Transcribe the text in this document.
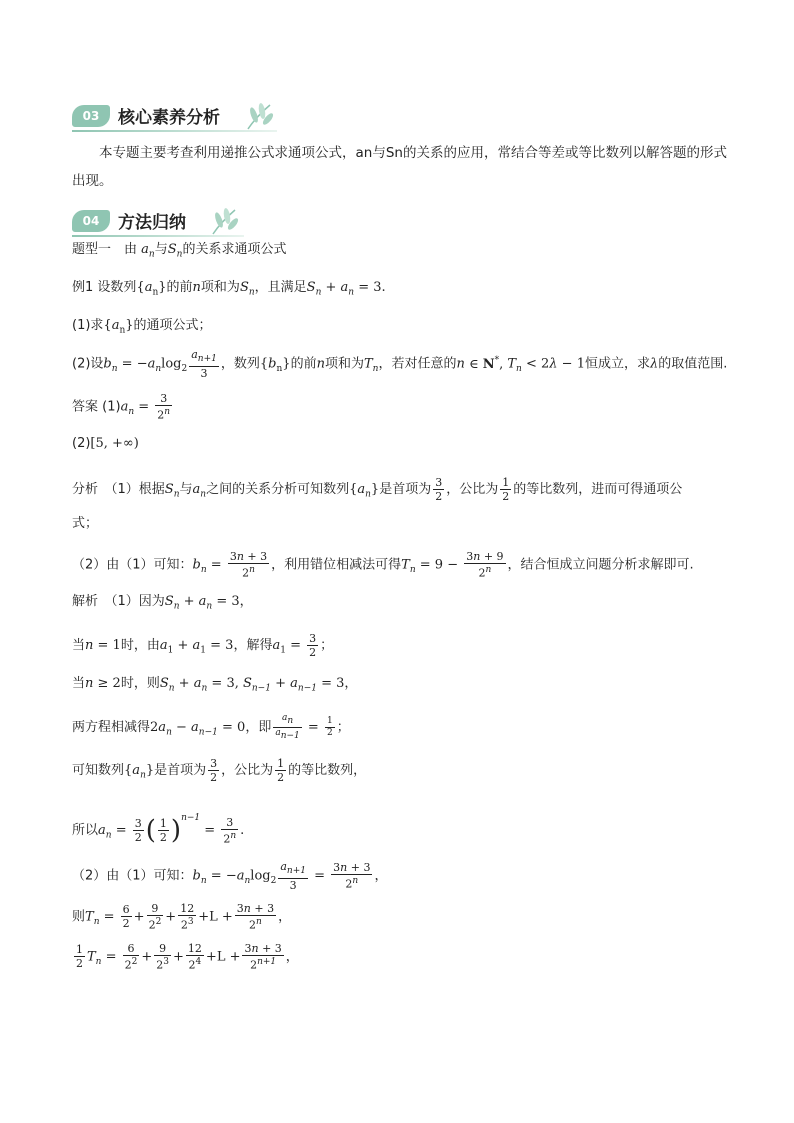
03	核心素养分析
本专题主要考查利用递推公式求通项公式，an与Sn的关系的应用，常结合等差或等比数列以解答题的形式出现。
04	方法归纳
题型一　由 $a_n$与$S_n$的关系求通项公式
例1 设数列$\{a_n\}$的前n项和为$S_n$，且满足$S_n + a_n = 3$.
(1)求$\{a_n\}$的通项公式；
(2)设$b_n = -a_n\log_2 \frac{a_{n+1}}{3}$ ，数列$\{b_n\}$的前n项和为$T_n$，若对任意的n ∈ N*, $T_n < 2\lambda - 1$恒成立，求λ的取值范围.
答案 $(1)a_n = \frac{3}{2^n}$
(2)[5, +∞)
分析　（1）根据$S_n$与$a_n$之间的关系分析可知数列$\{a_n\}$是首项为 $\frac{3}{2}$ ，公比为 $\frac{1}{2}$ 的等比数列，进而可得通项公
式；
（2）由（1）可知：$b_n = \frac{3n + 3}{2^n}$ ，利用错位相减法可得$T_n = 9 - \frac{3n + 9}{2^n}$ ，结合恒成立问题分析求解即可.
解析　（1）因为$S_n + a_n = 3$，
当n = 1时，由$a_1 + a_1 = 3$，解得$a_1 = \frac{3}{2}$ ；
当n ≥ 2时，则$S_n + a_n = 3$, $S_{n-1} + a_{n-1} = 3$，
两方程相减得$2a_n - a_{n-1} = 0$，即 $\frac{a_n}{a_{n-1}} = \frac{1}{2}$ ；
可知数列$\{a_n\}$是首项为 $\frac{3}{2}$ ，公比为 $\frac{1}{2}$ 的等比数列，
所以$a_n = \frac{3}{2}$ ( $\frac{1}{2} )^{n-1} = \frac{3}{2^n}$ .
（2）由（1）可知：$b_n = -a_n\log_2 \frac{a_{n+1}}{3} = \frac{3n + 3}{2^n}$ ，
则$T_n = \frac{6}{2} + \frac{9}{2^2} + \frac{12}{2^3} +L + \frac{3n + 3}{2^n}$ ，
$\frac{1}{2} T_n = \frac{6}{2^2} + \frac{9}{2^3} + \frac{12}{2^4} +L + \frac{3n + 3}{2^{n+1}}$ ，
